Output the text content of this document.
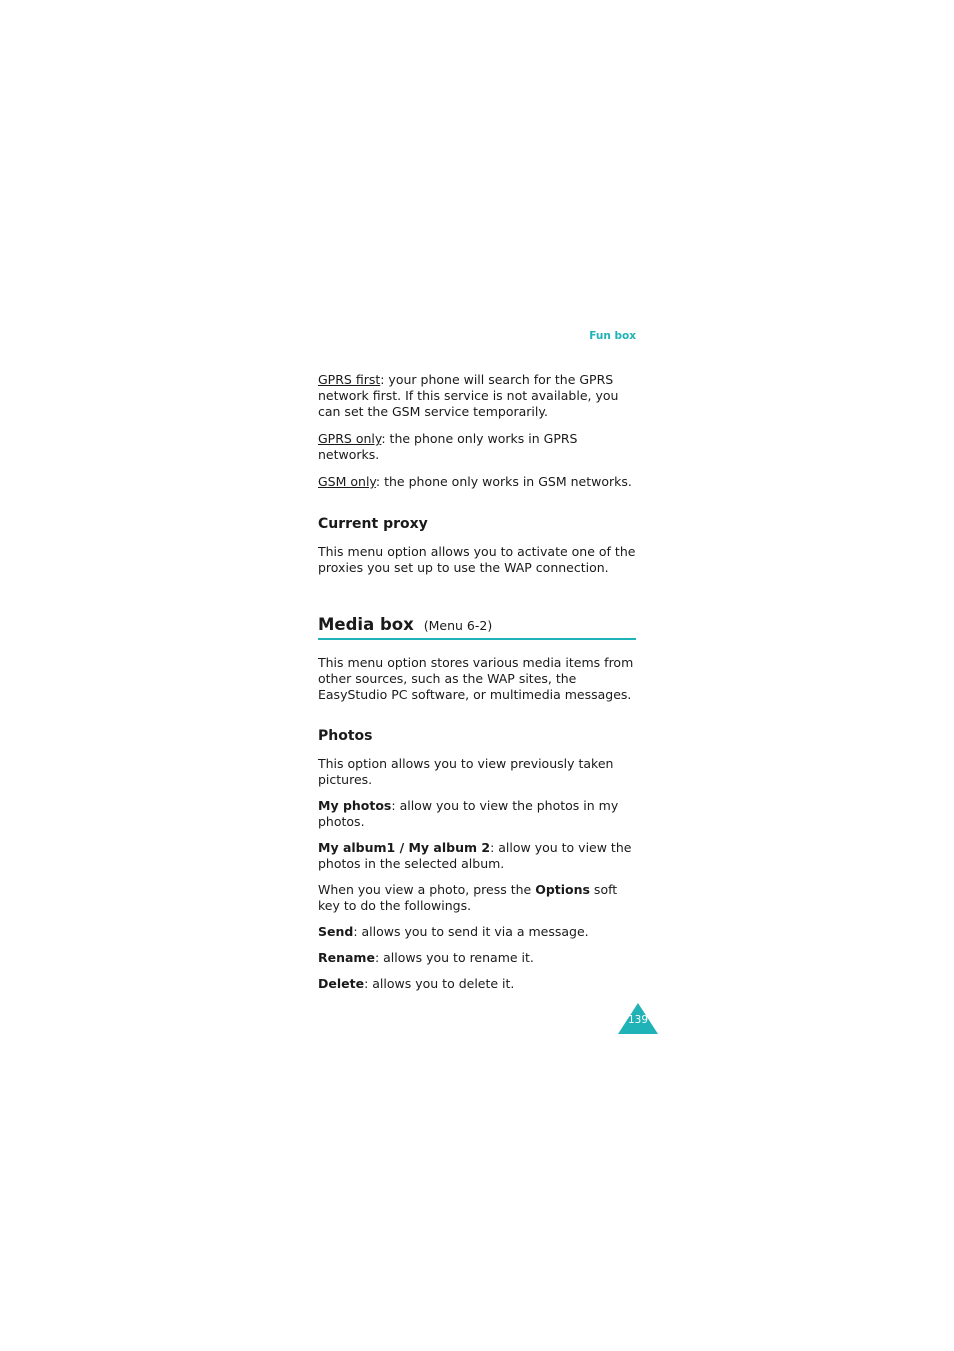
Fun box

GPRS first: your phone will search for the GPRS network first. If this service is not available, you can set the GSM service temporarily.

GPRS only: the phone only works in GPRS networks.

GSM only: the phone only works in GSM networks.

Current proxy

This menu option allows you to activate one of the proxies you set up to use the WAP connection.

Media box (Menu 6-2)

This menu option stores various media items from other sources, such as the WAP sites, the EasyStudio PC software, or multimedia messages.

Photos

This option allows you to view previously taken pictures.

My photos: allow you to view the photos in my photos.

My album1 / My album 2: allow you to view the photos in the selected album.

When you view a photo, press the Options soft key to do the followings.

Send: allows you to send it via a message.

Rename: allows you to rename it.

Delete: allows you to delete it.

139
